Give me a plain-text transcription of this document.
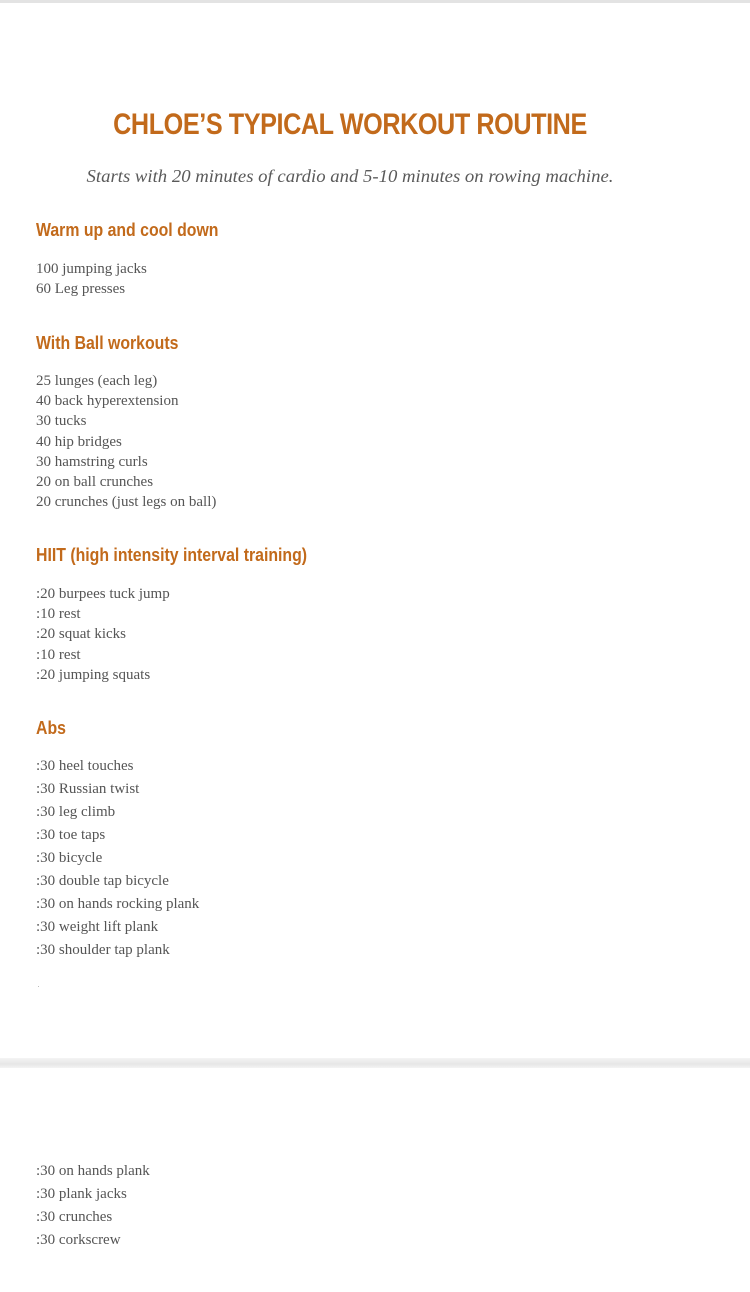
CHLOE’S TYPICAL WORKOUT ROUTINE

Starts with 20 minutes of cardio and 5-10 minutes on rowing machine.

Warm up and cool down
100 jumping jacks
60 Leg presses
With Ball workouts
25 lunges (each leg)
40 back hyperextension
30 tucks
40 hip bridges
30 hamstring curls
20 on ball crunches
20 crunches (just legs on ball)
HIIT (high intensity interval training)
:20 burpees tuck jump
:10 rest
:20 squat kicks
:10 rest
:20 jumping squats
Abs
:30 heel touches
:30 Russian twist
:30 leg climb
:30 toe taps
:30 bicycle
:30 double tap bicycle
:30 on hands rocking plank
:30 weight lift plank
:30 shoulder tap plank
:30 on hands plank
:30 plank jacks
:30 crunches
:30 corkscrew
